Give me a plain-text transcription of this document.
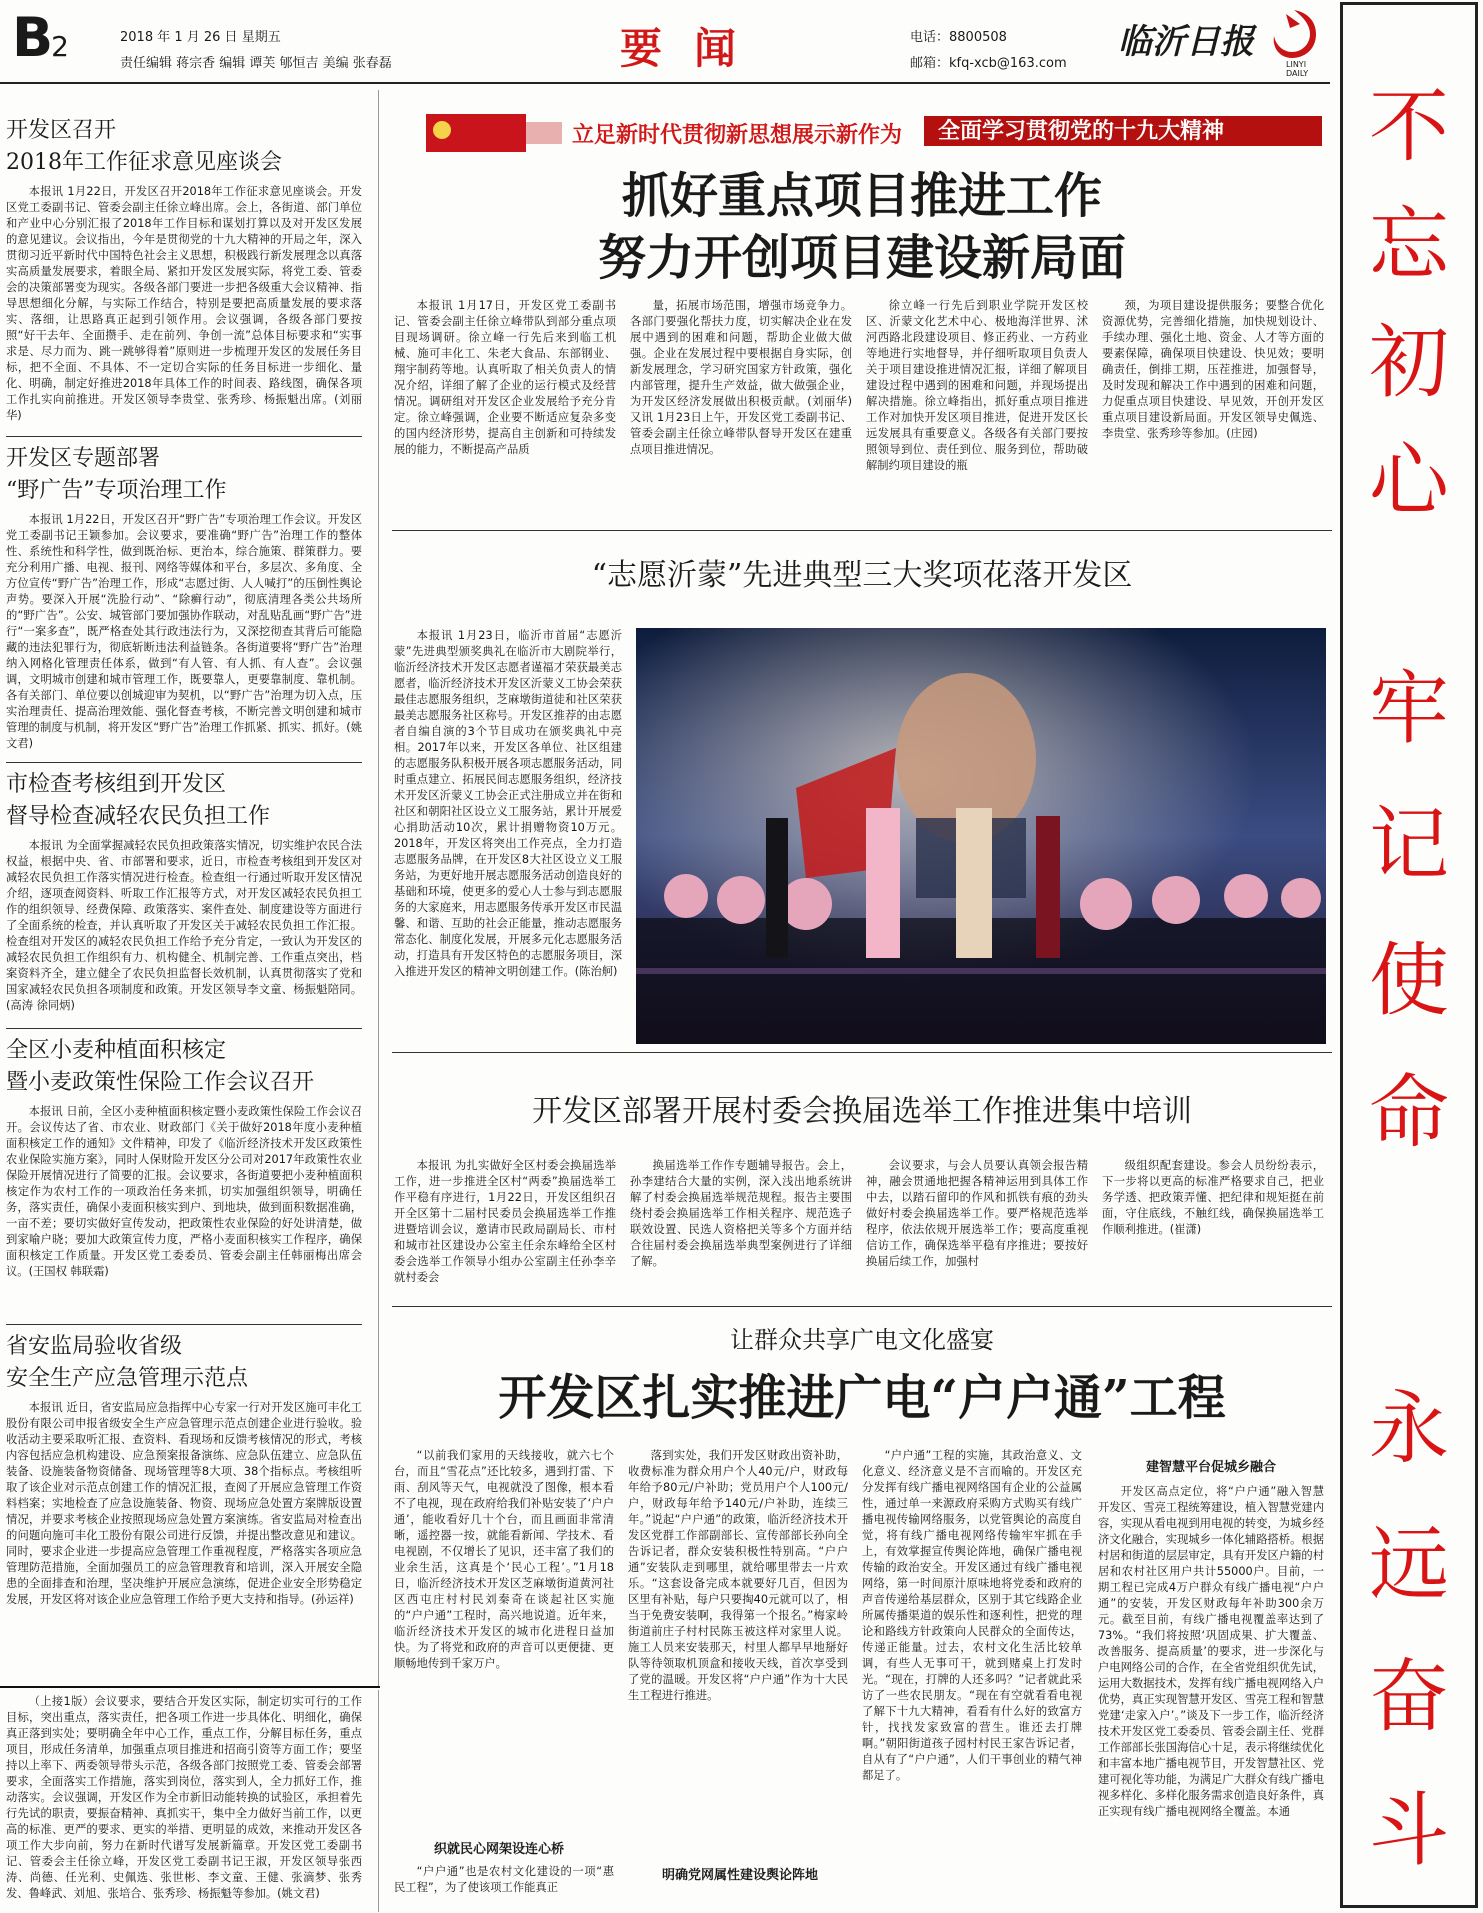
B2	2018 年 1 月 26 日 星期五
责任编辑 蒋宗香 编辑 谭芙 郇恒吉 美编 张春磊	要闻	电话：8800508
邮箱：kfq-xcb@163.com
临沂日报
LINYI DAILY
不
忘
初
心
牢
记
使
命
永
远
奋
斗
开发区召开
2018年工作征求意见座谈会

本报讯 1月22日，开发区召开2018年工作征求意见座谈会。开发区党工委副书记、管委会副主任徐立峰出席。会上，各街道、部门单位和产业中心分别汇报了2018年工作目标和谋划打算以及对开发区发展的意见建议。会议指出，今年是贯彻党的十九大精神的开局之年，深入贯彻习近平新时代中国特色社会主义思想，积极践行新发展理念以真落实高质量发展要求，着眼全局、紧扣开发区发展实际，将党工委、管委会的决策部署变为现实。各级各部门要进一步把各级重大会议精神、指导思想细化分解，与实际工作结合，特别是要把高质量发展的要求落实、落细，让思路真正起到引领作用。会议强调，各级各部门要按照“好干去年、全面攒手、走在前列、争创一流”总体目标要求和“实事求是、尽力而为、跳一跳够得着”原则进一步梳理开发区的发展任务目标，把不全面、不具体、不一定切合实际的任务目标进一步细化、量化、明确，制定好推进2018年具体工作的时间表、路线图，确保各项工作扎实向前推进。开发区领导李贵堂、张秀珍、杨振魁出席。(刘丽华)

开发区专题部署
“野广告”专项治理工作

本报讯 1月22日，开发区召开“野广告”专项治理工作会议。开发区党工委副书记王颖参加。会议要求，要准确“野广告”治理工作的整体性、系统性和科学性，做到既治标、更治本，综合施策、群策群力。要充分利用广播、电视、报刊、网络等媒体和平台，多层次、多角度、全方位宣传“野广告”治理工作，形成“志愿过街、人人喊打”的压倒性舆论声势。要深入开展“洗脸行动”、“除癣行动”，彻底清理各类公共场所的“野广告”。公安、城管部门要加强协作联动，对乱贴乱画“野广告”进行“一案多查”，既严格查处其行政违法行为，又深挖彻查其背后可能隐藏的违法犯罪行为，彻底斩断违法利益链条。各街道要将“野广告”治理纳入网格化管理责任体系，做到“有人管、有人抓、有人查”。会议强调，文明城市创建和城市管理工作，既要靠人，更要靠制度、靠机制。各有关部门、单位要以创城迎审为契机，以“野广告”治理为切入点，压实治理责任、提高治理效能、强化督查考核，不断完善文明创建和城市管理的制度与机制，将开发区“野广告”治理工作抓紧、抓实、抓好。(姚文君)

市检查考核组到开发区
督导检查减轻农民负担工作

本报讯 为全面掌握减轻农民负担政策落实情况，切实维护农民合法权益，根据中央、省、市部署和要求，近日，市检查考核组到开发区对减轻农民负担工作落实情况进行检查。检查组一行通过听取开发区情况介绍，逐项查阅资料、听取工作汇报等方式，对开发区减轻农民负担工作的组织领导、经费保障、政策落实、案件查处、制度建设等方面进行了全面系统的检查，并认真听取了开发区关于减轻农民负担工作汇报。检查组对开发区的减轻农民负担工作给予充分肯定，一致认为开发区的减轻农民负担工作组织有力、机构健全、机制完善、工作重点突出，档案资料齐全，建立健全了农民负担监督长效机制，认真贯彻落实了党和国家减轻农民负担各项制度和政策。开发区领导李文童、杨振魁陪同。(高涛 徐同炳)

全区小麦种植面积核定
暨小麦政策性保险工作会议召开

本报讯 日前，全区小麦种植面积核定暨小麦政策性保险工作会议召开。会议传达了省、市农业、财政部门《关于做好2018年度小麦种植面积核定工作的通知》文件精神，印发了《临沂经济技术开发区政策性农业保险实施方案》，同时人保财险开发区分公司对2017年政策性农业保险开展情况进行了简要的汇报。会议要求，各街道要把小麦种植面积核定作为农村工作的一项政治任务来抓，切实加强组织领导，明确任务，落实责任，确保小麦面积核实到户、到地块，做到面积数据准确，一亩不差；要切实做好宣传发动，把政策性农业保险的好处讲清楚，做到家喻户晓；要加大政策宣传力度，严格小麦面积核实工作程序，确保面积核定工作质量。开发区党工委委员、管委会副主任韩丽梅出席会议。(王国权 韩联霜)

省安监局验收省级
安全生产应急管理示范点

本报讯 近日，省安监局应急指挥中心专家一行对开发区施可丰化工股份有限公司申报省级安全生产应急管理示范点创建企业进行验收。验收活动主要采取听汇报、查资料、看现场和反馈考核情况的形式，考核内容包括应急机构建设、应急预案报备演练、应急队伍建立、应急队伍装备、设施装备物资储备、现场管理等8大项、38个指标点。考核组听取了该企业对示范点创建工作的情况汇报，查阅了开展应急管理工作资料档案；实地检查了应急设施装备、物资、现场应急处置方案牌版设置情况，并要求考核企业按照现场应急处置方案演练。省安监局对检查出的问题向施可丰化工股份有限公司进行反馈，并提出整改意见和建议。同时，要求企业进一步提高应急管理工作重视程度，严格落实各项应急管理防范措施，全面加强员工的应急管理教育和培训，深入开展安全隐患的全面排查和治理，坚决维护开展应急演练，促进企业安全形势稳定发展，开发区将对该企业应急管理工作给予更大支持和指导。(孙运祥)

（上接1版）会议要求，要结合开发区实际，制定切实可行的工作目标，突出重点，落实责任，把各项工作进一步具体化、明细化，确保真正落到实处；要明确全年中心工作，重点工作，分解目标任务，重点项目，形成任务清单，加强重点项目推进和招商引资等方面工作；要坚持以上率下、两委领导带头示范，各级各部门按照党工委、管委会部署要求，全面落实工作措施，落实到岗位，落实到人，全力抓好工作，推动落实。会议强调，开发区作为全市新旧动能转换的试验区，承担着先行先试的职责，要振奋精神、真抓实干，集中全力做好当前工作，以更高的标准、更严的要求、更实的举措、更明显的成效，来推动开发区各项工作大步向前，努力在新时代谱写发展新篇章。开发区党工委副书记、管委会主任徐立峰，开发区党工委副书记王淑，开发区领导张西涛、尚德、任光利、史佩选、张世彬、李文童、王健、张滴梦、张秀发、鲁峰武、刘旭、张培合、张秀珍、杨振魁等参加。(姚文君)

立足新时代贯彻新思想展示新作为	全面学习贯彻党的十九大精神
抓好重点项目推进工作
努力开创项目建设新局面

本报讯 1月17日，开发区党工委副书记、管委会副主任徐立峰带队到部分重点项目现场调研。徐立峰一行先后来到临工机械、施可丰化工、朱老大食品、东部钢业、翔宇制药等地。认真听取了相关负责人的情况介绍，详细了解了企业的运行模式及经营情况。调研组对开发区企业发展给予充分肯定。徐立峰强调，企业要不断适应复杂多变的国内经济形势，提高自主创新和可持续发展的能力，不断提高产品质

量，拓展市场范围，增强市场竞争力。各部门要强化帮扶力度，切实解决企业在发展中遇到的困难和问题，帮助企业做大做强。企业在发展过程中要根据自身实际，创新发展理念，学习研究国家方针政策，强化内部管理，提升生产效益，做大做强企业，为开发区经济发展做出积极贡献。(刘丽华) 又讯 1月23日上午，开发区党工委副书记、管委会副主任徐立峰带队督导开发区在建重点项目推进情况。

徐立峰一行先后到职业学院开发区校区、沂蒙文化艺术中心、极地海洋世界、沭河西路北段建设项目、修正药业、一方药业等地进行实地督导，并仔细听取项目负责人关于项目建设推进情况汇报，详细了解项目建设过程中遇到的困难和问题，并现场提出解决措施。徐立峰指出，抓好重点项目推进工作对加快开发区项目推进，促进开发区长远发展具有重要意义。各级各有关部门要按照领导到位、责任到位、服务到位，帮助破解制约项目建设的瓶

颈，为项目建设提供服务；要整合优化资源优势，完善细化措施，加快规划设计、手续办理、强化土地、资金、人才等方面的要素保障，确保项目快建设、快见效；要明确责任，倒排工期，压茬推进，加强督导，及时发现和解决工作中遇到的困难和问题，力促重点项目快建设、早见效，开创开发区重点项目建设新局面。开发区领导史佩选、李贵堂、张秀珍等参加。(庄园)

“志愿沂蒙”先进典型三大奖项花落开发区

本报讯 1月23日，临沂市首届“志愿沂蒙”先进典型颁奖典礼在临沂市大剧院举行，临沂经济技术开发区志愿者谨福才荣获最美志愿者，临沂经济技术开发区沂蒙义工协会荣获最佳志愿服务组织，芝麻墩街道徒和社区荣获最美志愿服务社区称号。开发区推荐的由志愿者自编自演的3个节目成功在颁奖典礼中亮相。2017年以来，开发区各单位、社区组建的志愿服务队积极开展各项志愿服务活动，同时重点建立、拓展民间志愿服务组织，经济技术开发区沂蒙义工协会正式注册成立并在街和社区和朝阳社区设立义工服务站，累计开展爱心捐助活动10次，累计捐赠物资10万元。2018年，开发区将突出工作亮点，全力打造志愿服务品牌，在开发区8大社区设立义工服务站，为更好地开展志愿服务活动创造良好的基础和环境，使更多的爱心人士参与到志愿服务的大家庭来，用志愿服务传承开发区市民温馨、和谐、互助的社会正能量，推动志愿服务常态化、制度化发展，开展多元化志愿服务活动，打造具有开发区特色的志愿服务项目，深入推进开发区的精神文明创建工作。(陈治舸)

开发区部署开展村委会换届选举工作推进集中培训

本报讯 为扎实做好全区村委会换届选举工作，进一步推进全区村“两委”换届选举工作平稳有序进行，1月22日，开发区组织召开全区第十二届村民委员会换届选举工作推进暨培训会议，邀请市民政局副局长、市村和城市社区建设办公室主任余东峰给全区村委会选举工作领导小组办公室副主任孙李辛就村委会

换届选举工作作专题辅导报告。会上，孙李建结合大量的实例，深入浅出地系统讲解了村委会换届选举规范规程。报告主要围绕村委会换届选举工作相关程序、规范选子联效设置、民选人资格把关等多个方面并结合往届村委会换届选举典型案例进行了详细了解。

会议要求，与会人员要认真领会报告精神，融会贯通地把握各精神运用到具体工作中去，以踏石留印的作风和抓铁有痕的劲头做好村委会换届选举工作。要严格规范选举程序，依法依规开展选举工作；要高度重视信访工作，确保选举平稳有序推进；要按好换届后续工作，加强村

级组织配套建设。参会人员纷纷表示，下一步将以更高的标准严格要求自己，把业务学透、把政策弄懂、把纪律和规矩挺在前面，守住底线，不触红线，确保换届选举工作顺利推进。(崔潇)

让群众共享广电文化盛宴
开发区扎实推进广电“户户通”工程

“以前我们家用的天线接收，就六七个台，而且“雪花点”还比较多，遇到打雷、下雨、刮风等天气，电视就没了图像，根本看不了电视，现在政府给我们补贴安装了‘户户通’，能收看好几十个台，而且画面非常清晰，遥控器一按，就能看新闻、学技术、看电视剧，不仅增长了见识，还丰富了我们的业余生活，这真是个‘民心工程’。”1月18日，临沂经济技术开发区芝麻墩街道黄河社区西屯庄村村民刘秦奇在谈起社区实施的“户户通”工程时，高兴地说道。近年来，临沂经济技术开发区的城市化进程日益加快。为了将党和政府的声音可以更便捷、更顺畅地传到千家万户。

织就民心网架设连心桥

“户户通”也是农村文化建设的一项“惠民工程”，为了使该项工作能真正

落到实处，我们开发区财政出资补助，收费标准为群众用户个人40元/户，财政每年给予80元/户补助；党员用户个人100元/户，财政每年给予140元/户补助，连续三年。”说起“户户通”的政策，临沂经济技术开发区党群工作部副部长、宣传部部长孙向全告诉记者，群众安装积极性特别高。“户户通”安装队走到哪里，就给哪里带去一片欢乐。“这套设备完成本就要好几百，但因为区里有补贴，每户只要掏40元就可以了，相当于免费安装啊，我得第一个报名。”梅家岭街道前庄子村村民陈玉被这样对家里人说。施工人员来安装那天，村里人都早早地掰好队等待领取机顶盒和接收天线，首次享受到了党的温暖。开发区将“户户通”作为十大民生工程进行推进。

明确党网属性建设舆论阵地

“户户通”工程的实施，其政治意义、文化意义、经济意义是不言而喻的。开发区充分发挥有线广播电视网络国有企业的公益属性，通过单一来源政府采购方式购买有线广播电视传输网络服务，以党管舆论的高度自觉，将有线广播电视网络传输牢牢抓在手上，有效掌握宣传舆论阵地，确保广播电视传输的政治安全。开发区通过有线广播电视网络，第一时间原汁原味地将党委和政府的声音传递给基层群众，区别于其它线路企业所属传播渠道的娱乐性和逐利性，把党的理论和路线方针政策向人民群众的全面传达，传递正能量。过去，农村文化生活比较单调，有些人无事可干，就到赌桌上打发时光。“现在，打牌的人还多吗？”记者就此采访了一些农民朋友。“现在有空就看看电视了解下十九大精神，看看有什么好的致富方针，找找发家致富的营生。谁还去打牌啊。”朝阳街道孩子园村村民王家告诉记者，自从有了“户户通”，人们干事创业的精气神都足了。

建智慧平台促城乡融合

开发区高点定位，将“户户通”融入智慧开发区、雪亮工程统筹建设，植入智慧党建内容，实现从看电视到用电视的转变，为城乡经济文化融合，实现城乡一体化辅路搭桥。根据村居和街道的层层审定，具有开发区户籍的村居和农村社区用户共计55000户。目前，一期工程已完成4万户群众有线广播电视“户户通”的安装，开发区财政每年补助300余万元。截至目前，有线广播电视覆盖率达到了73%。“我们将按照‘巩固成果、扩大覆盖、改善服务、提高质量’的要求，进一步深化与户电网络公司的合作，在全省党组织优先试，运用大数据技术，发挥有线广播电视网络入户优势，真正实现智慧开发区、雪亮工程和智慧党建‘走家入户’。”谈及下一步工作，临沂经济技术开发区党工委委员、管委会副主任、党群工作部部长张国海信心十足，表示将继续优化和丰富本地广播电视节目，开发智慧社区、党建可视化等功能，为满足广大群众有线广播电视多样化、多样化服务需求创造良好条件，真正实现有线广播电视网络全覆盖。本通
